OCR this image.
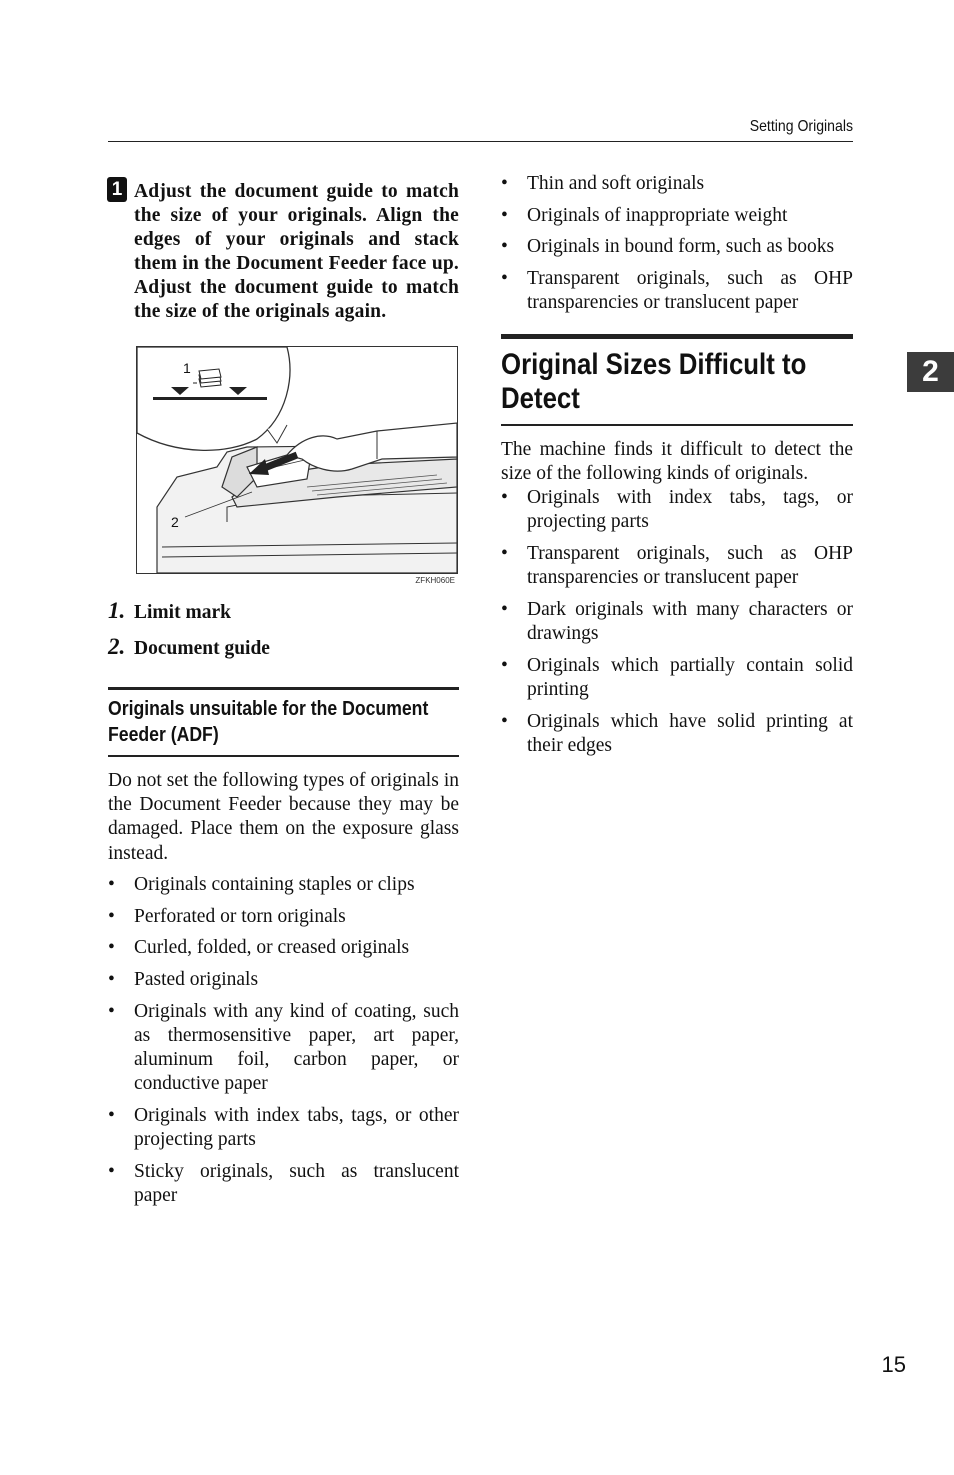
Setting Originals
2
1 Adjust the document guide to match the size of your originals. Align the edges of your originals and stack them in the Document Feeder face up. Adjust the document guide to match the size of the originals again.
1
2
ZFKH060E
1. Limit mark
2. Document guide
Originals unsuitable for the Document Feeder (ADF)
Do not set the following types of originals in the Document Feeder because they may be damaged. Place them on the exposure glass instead.
• Originals containing staples or clips
• Perforated or torn originals
• Curled, folded, or creased originals
• Pasted originals
• Originals with any kind of coating, such as thermosensitive paper, art paper, aluminum foil, carbon paper, or conductive paper
• Originals with index tabs, tags, or other projecting parts
• Sticky originals, such as translucent paper
• Thin and soft originals
• Originals of inappropriate weight
• Originals in bound form, such as books
• Transparent originals, such as OHP transparencies or translucent paper
Original Sizes Difficult to Detect
The machine finds it difficult to detect the size of the following kinds of originals.
• Originals with index tabs, tags, or projecting parts
• Transparent originals, such as OHP transparencies or translucent paper
• Dark originals with many characters or drawings
• Originals which partially contain solid printing
• Originals which have solid printing at their edges
15
